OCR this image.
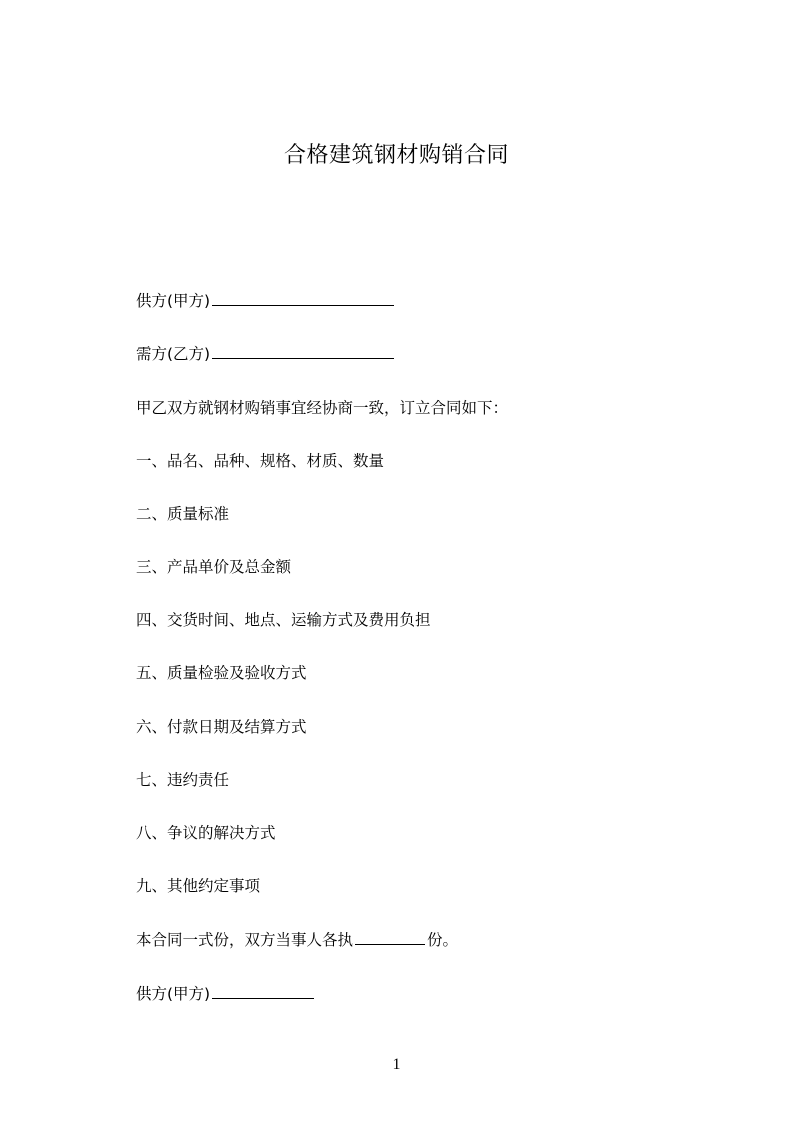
合格建筑钢材购销合同
供方(甲方)
需方(乙方)
甲乙双方就钢材购销事宜经协商一致，订立合同如下：
一、品名、品种、规格、材质、数量
二、质量标准
三、产品单价及总金额
四、交货时间、地点、运输方式及费用负担
五、质量检验及验收方式
六、付款日期及结算方式
七、违约责任
八、争议的解决方式
九、其他约定事项
本合同一式份，双方当事人各执	份。
供方(甲方)
1
